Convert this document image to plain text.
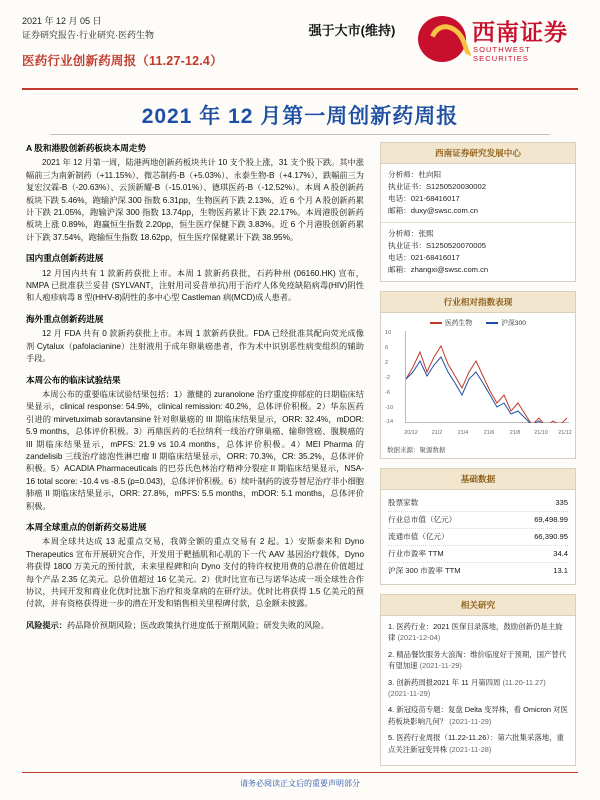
2021 年 12 月 05 日
证券研究报告·行业研究·医药生物
医药行业创新药周报（11.27-12.4）
强于大市(维持)	西南证券
SOUTHWEST SECURITIES
2021 年 12 月第一周创新药周报
A 股和港股创新药板块本周走势
2021 年 12 月第一周，陆港两地创新药板块共计 10 支个股上涨，31 支个股下跌。其中涨幅前三为南新制药（+11.15%）、微芯制药-B（+5.03%）、永泰生物-B（+4.17%），跌幅前三为复宏汉霖-B（-20.63%）、云顶新耀-B（-15.01%）、德琪医药-B（-12.52%）。本周 A 股创新药板块下跌 5.46%，跑输沪深 300 指数 6.31pp，生物医药下跌 2.13%、近 6 个月 A 股创新药累计下跌 21.05%，跑输沪深 300 指数 13.74pp，生物医药累计下跌 22.17%。本周港股创新药板块上涨 0.89%，跑赢恒生指数 2.20pp，恒生医疗保健下跌 3.83%。近 6 个月港股创新药累计下跌 37.54%，跑输恒生指数 18.62pp，恒生医疗保健累计下跌 38.95%。
国内重点创新药进展
12 月国内共有 1 款新药获批上市。本周 1 款新药获批，石药种州 (06160.HK) 宣布，NMPA 已批准获兰妥昔 (SYLVANT，注射用司妥昔单抗)用于治疗人体免疫缺陷病毒(HIV)阴性和人疱疹病毒 8 型(HHV-8)阴性的多中心型 Castleman 病(MCD)成人患者。
海外重点创新药进展
12 月 FDA 共有 0 款新药获批上市。本周 1 款新药获批。FDA 已经批准其配向荧光成像剂 Cytalux（pafolacianine）注射液用于成年卵巢癌患者，作为术中识别恶性病变组织的辅助手段。
本周公布的临床试验结果
本周公布的重要临床试验结果包括：1）激健的 zuranolone 治疗重度抑郁症的日期临床结果显示，clinical response: 54.9%，clinical remission: 40.2%，总体评价积极。2）华东医药引进的 mirvetuximab soravtansine 针对卵巢癌的 III 期临床结果显示，ORR: 32.4%，mDOR: 5.9 months，总体评价积极。3）再鼎医药的毛拉纳利一线治疗卵巢癌、输卵管癌、腹膜癌的 III 期临床结果显示，mPFS: 21.9 vs 10.4 months，总体评价积极。4）MEI Pharma 的 zandelisib 三线治疗滤泡性淋巴瘤 II 期临床结果显示，ORR: 70.3%，CR: 35.2%，总体评价积极。5）ACADIA Pharmaceuticals 的巴芬氏色林治疗精神分裂症 II 期临床结果显示，NSA-16 total score: -10.4 vs -8.5 (p=0.043)，总体评价积极。6）续叶制药的波芬替尼治疗非小细胞肺癌 II 期临床结果显示，ORR: 27.8%，mPFS: 5.5 months，mDOR: 5.1 months，总体评价积极。
本周全球重点的创新药交易进展
本周全球共达成 13 起重点交易，我筛全额的重点交易有 2 起。1）安斯泰来和 Dyno Therapeutics 宣布开展研究合作，开发用于靶插肌和心肌的下一代 AAV 基因治疗载体，Dyno 将获得 1800 万美元的预付款，未来里程碑和向 Dyno 支付的特许权使用费的总潜在价值超过每个产品 2.35 亿美元。总价值超过 16 亿美元。2）优时比宣布已与诺华达成一项全球性合作协议，共同开发和商业化优时比旗下治疗和炎拿病的在研疗法。优时比将获得 1.5 亿美元的预付款，并有资格获得进一步的潜在开发和销售相关里程碑付款，总金额未披露。
风险提示：药品降价预期风险；医改政策执行进度低于预期风险；研发失败的风险。
西南证券研究发展中心

分析师：杜向阳

执业证书：S1250520030002

电话：021-68416017

邮箱：duxy@swsc.com.cn

分析师：张熙

执业证书：S1250520070005

电话：021-68416017

邮箱：zhangxi@swsc.com.cn

行业相对指数表现
医药生物	沪深300
10
6
2
-2
-6
-10
-14
20/12	21/2	21/4	21/6	21/8	21/10 21/12
数据来源：聚源数据
基础数据
股票家数	335
行业总市值（亿元）	69,498.99
流通市值（亿元）	66,390.95
行业市盈率 TTM	34.4
沪深 300 市盈率 TTM	13.1
相关研究
1. 医药行业：2021 医保目录落地，鼓励创新仍是主旋律 (2021-12-04)
2. 精品餐饮服务大浪淘：维价临度好于预期，国产替代有望加速 (2021-11-29)
3. 创新药周报2021 年 11 月第四周 (11.20-11.27) (2021-11-29)
4. 新冠疫苗专题：复盘 Delta 变异株，看 Omicron 对医药板块影响几何？ (2021-11-29)
5. 医药行业周报（11.22-11.26）：第六批集采落地，重点关注新冠变异株 (2021-11-28)
请务必阅读正文后的重要声明部分
